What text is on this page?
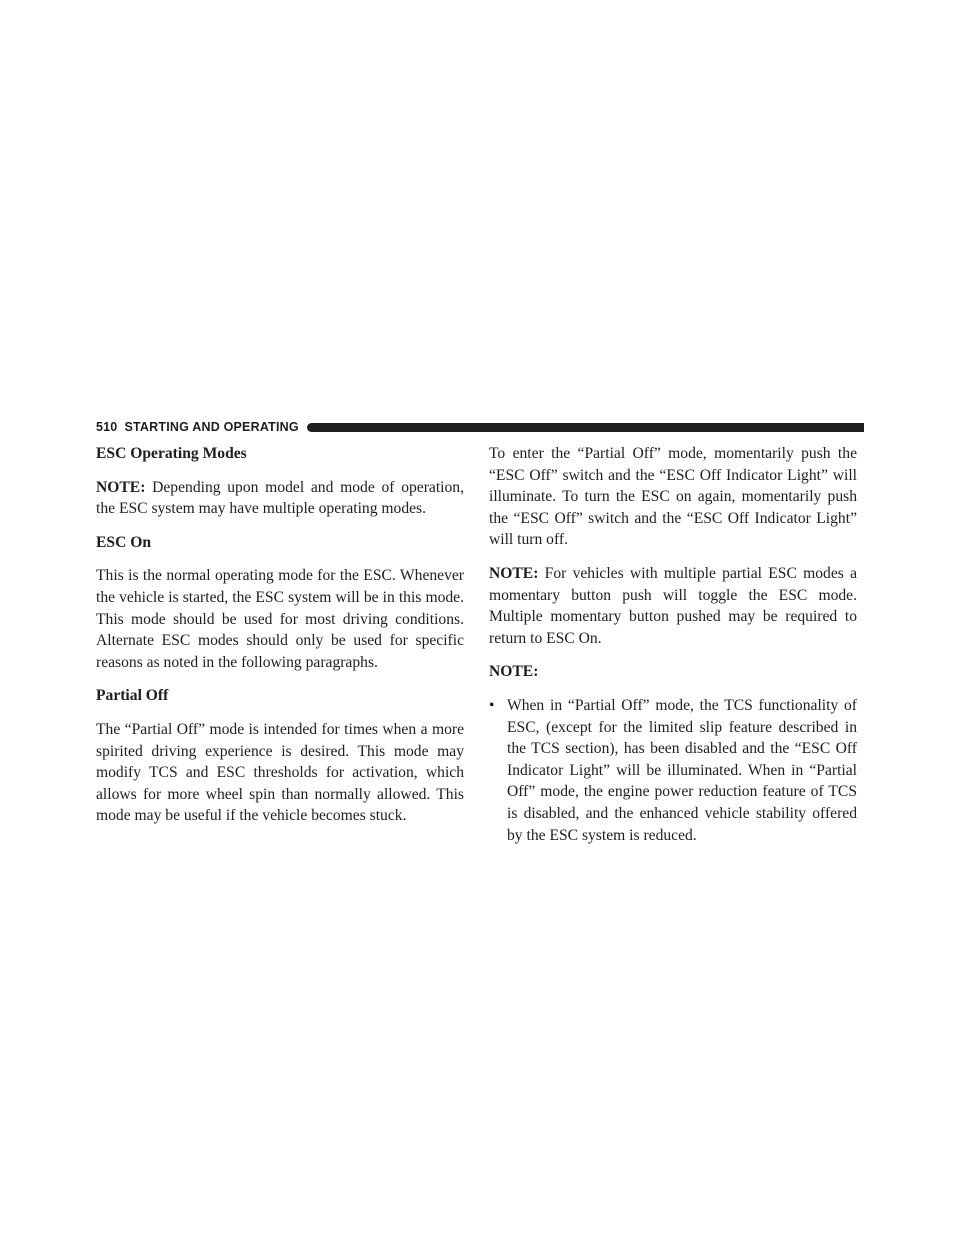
510 STARTING AND OPERATING

ESC Operating Modes

NOTE: Depending upon model and mode of operation, the ESC system may have multiple operating modes.

ESC On

This is the normal operating mode for the ESC. Whenever the vehicle is started, the ESC system will be in this mode. This mode should be used for most driving conditions. Alternate ESC modes should only be used for specific reasons as noted in the following paragraphs.

Partial Off

The “Partial Off” mode is intended for times when a more spirited driving experience is desired. This mode may modify TCS and ESC thresholds for activation, which allows for more wheel spin than normally allowed. This mode may be useful if the vehicle becomes stuck.

To enter the “Partial Off” mode, momentarily push the “ESC Off” switch and the “ESC Off Indicator Light” will illuminate. To turn the ESC on again, momentarily push the “ESC Off” switch and the “ESC Off Indicator Light” will turn off.

NOTE: For vehicles with multiple partial ESC modes a momentary button push will toggle the ESC mode. Multiple momentary button pushed may be required to return to ESC On.

NOTE:

• When in “Partial Off” mode, the TCS functionality of ESC, (except for the limited slip feature described in the TCS section), has been disabled and the “ESC Off Indicator Light” will be illuminated. When in “Partial Off” mode, the engine power reduction feature of TCS is disabled, and the enhanced vehicle stability offered by the ESC system is reduced.
